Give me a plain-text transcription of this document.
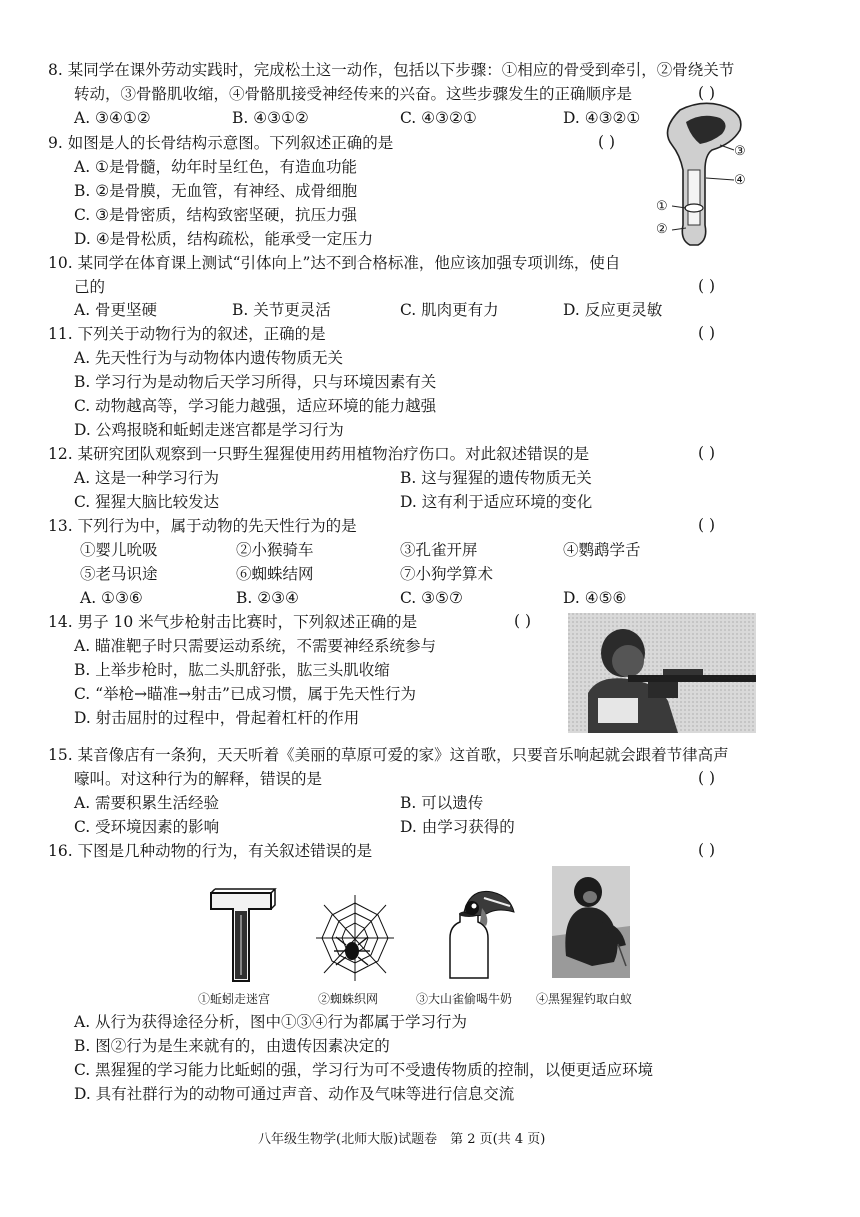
8. 某同学在课外劳动实践时，完成松土这一动作，包括以下步骤：①相应的骨受到牵引，②骨绕关节
转动，③骨骼肌收缩，④骨骼肌接受神经传来的兴奋。这些步骤发生的正确顺序是	( )
A. ③④①②	B. ④③①②	C. ④③②①	D. ④③②①
9. 如图是人的长骨结构示意图。下列叙述正确的是	( )
A. ①是骨髓，幼年时呈红色，有造血功能
B. ②是骨膜，无血管，有神经、成骨细胞
C. ③是骨密质，结构致密坚硬，抗压力强
D. ④是骨松质，结构疏松，能承受一定压力
③
④
①
②
10. 某同学在体育课上测试“引体向上”达不到合格标准，他应该加强专项训练，使自
己的	( )
A. 骨更坚硬	B. 关节更灵活	C. 肌肉更有力	D. 反应更灵敏
11. 下列关于动物行为的叙述，正确的是	( )
A. 先天性行为与动物体内遗传物质无关
B. 学习行为是动物后天学习所得，只与环境因素有关
C. 动物越高等，学习能力越强，适应环境的能力越强
D. 公鸡报晓和蚯蚓走迷宫都是学习行为
12. 某研究团队观察到一只野生猩猩使用药用植物治疗伤口。对此叙述错误的是	( )
A. 这是一种学习行为	B. 这与猩猩的遗传物质无关
C. 猩猩大脑比较发达	D. 这有利于适应环境的变化
13. 下列行为中，属于动物的先天性行为的是	( )
①婴儿吮吸	②小猴骑车	③孔雀开屏	④鹦鹉学舌
⑤老马识途	⑥蜘蛛结网	⑦小狗学算术
A. ①③⑥	B. ②③④	C. ③⑤⑦	D. ④⑤⑥
14. 男子 10 米气步枪射击比赛时，下列叙述正确的是	( )
A. 瞄准靶子时只需要运动系统，不需要神经系统参与
B. 上举步枪时，肱二头肌舒张，肱三头肌收缩
C. “举枪→瞄准→射击”已成习惯，属于先天性行为
D. 射击屈肘的过程中，骨起着杠杆的作用
15. 某音像店有一条狗，天天听着《美丽的草原可爱的家》这首歌，只要音乐响起就会跟着节律高声
嚎叫。对这种行为的解释，错误的是	( )
A. 需要积累生活经验	B. 可以遗传
C. 受环境因素的影响	D. 由学习获得的
16. 下图是几种动物的行为，有关叙述错误的是	( )
①蚯蚓走迷宫	②蜘蛛织网	③大山雀偷喝牛奶 ④黑猩猩钓取白蚁
A. 从行为获得途径分析，图中①③④行为都属于学习行为
B. 图②行为是生来就有的，由遗传因素决定的
C. 黑猩猩的学习能力比蚯蚓的强，学习行为可不受遗传物质的控制，以便更适应环境
D. 具有社群行为的动物可通过声音、动作及气味等进行信息交流
八年级生物学(北师大版)试题卷　第 2 页(共 4 页)
